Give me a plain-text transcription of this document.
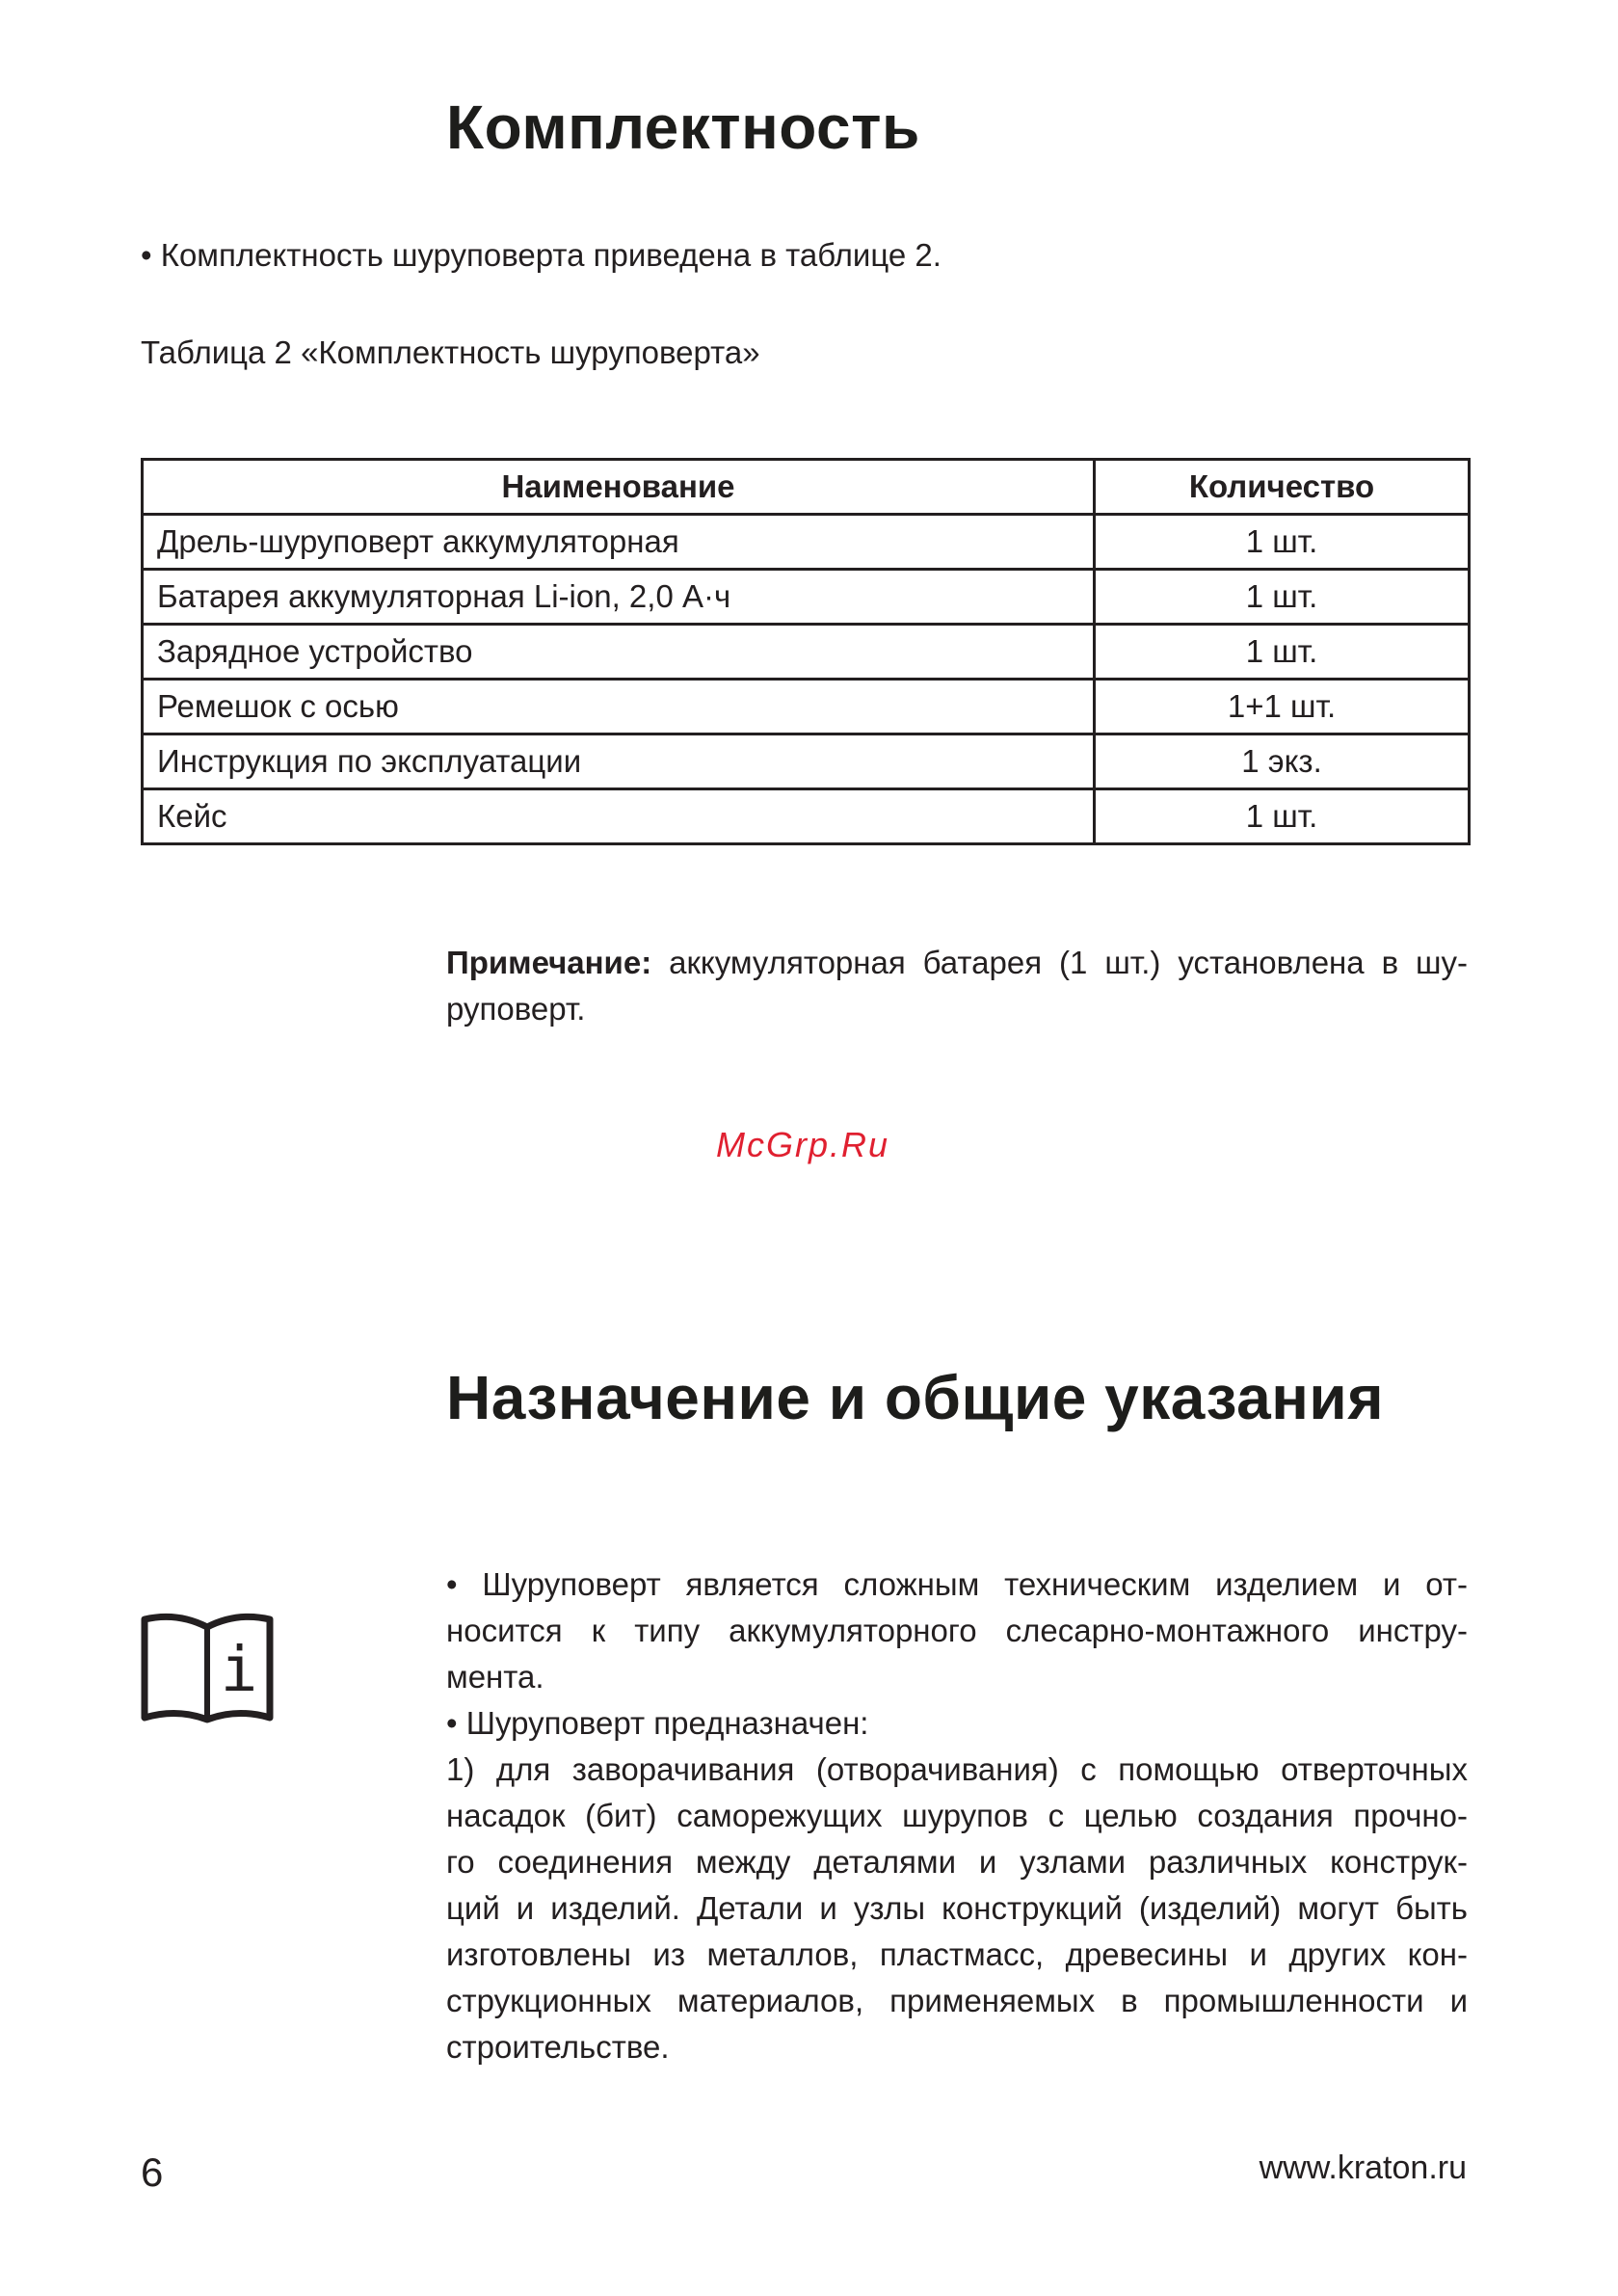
Комплектность
• Комплектность шуруповерта приведена в таблице 2.
Таблица 2 «Комплектность шуруповерта»
Наименование	Количество
Дрель-шуруповерт аккумуляторная	1 шт.
Батарея аккумуляторная Li-ion, 2,0 А·ч	1 шт.
Зарядное устройство	1 шт.
Ремешок с осью	1+1 шт.
Инструкция по эксплуатации	1 экз.
Кейс	1 шт.
Примечание: аккумуляторная батарея (1 шт.) установлена в шу-
руповерт.
McGrp.Ru
Назначение и общие указания
i
• Шуруповерт является сложным техническим изделием и от-
носится к типу аккумуляторного слесарно-монтажного инстру-
мента.
• Шуруповерт предназначен:
1) для заворачивания (отворачивания) с помощью отверточных
насадок (бит) саморежущих шурупов с целью создания прочно-
го соединения между деталями и узлами различных конструк-
ций и изделий. Детали и узлы конструкций (изделий) могут быть
изготовлены из металлов, пластмасс, древесины и других кон-
струкционных материалов, применяемых в промышленности и
строительстве.
6	www.kraton.ru
